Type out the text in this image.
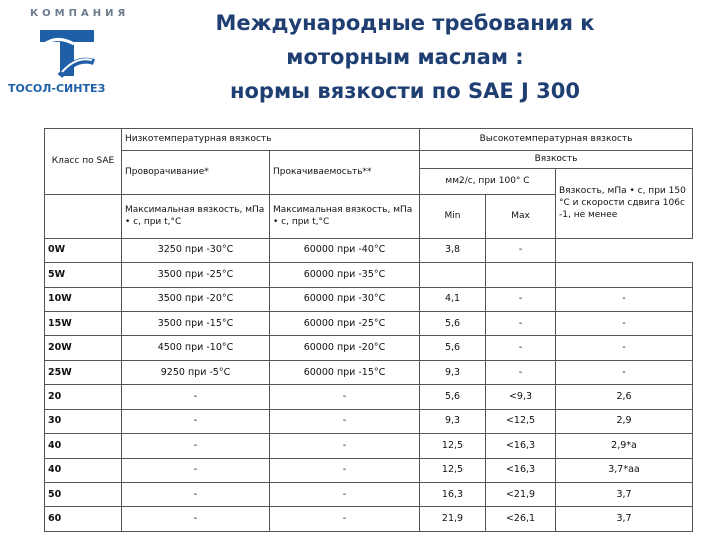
КОМПАНИЯ
ТОСОЛ-СИНТЕЗ
Международные требования к
моторным маслам :
нормы вязкости по SAE J 300
Класс по SAE	Низкотемпературная вязкость		Высокотемпературная вязкость		
	Проворачивание*	Прокачиваемосьть**	Вязкость		
			мм2/с, при 100° С		Вязкость, мПа • с, при 150 °С и скорости сдвига 106с -1, не менее
	Максимальная вязкость, мПа • с, при t,°С	Максимальная вязкость, мПа • с, при t,°С	Min	Max	
0W	3250 при -30°С	60000 при -40°С	3,8	-	
5W	3500 при -25°С	60000 при -35°С			
10W	3500 при -20°С	60000 при -30°С	4,1	-	-
15W	3500 при -15°С	60000 при -25°С	5,6	-	-
20W	4500 при -10°С	60000 при -20°С	5,6	-	-
25W	9250 при -5°С	60000 при -15°С	9,3	-	-
20	-	-	5,6	<9,3	2,6
30	-	-	9,3	<12,5	2,9
40	-	-	12,5	<16,3	2,9*а
40	-	-	12,5	<16,3	3,7*аа
50	-	-	16,3	<21,9	3,7
60	-	-	21,9	<26,1	3,7
